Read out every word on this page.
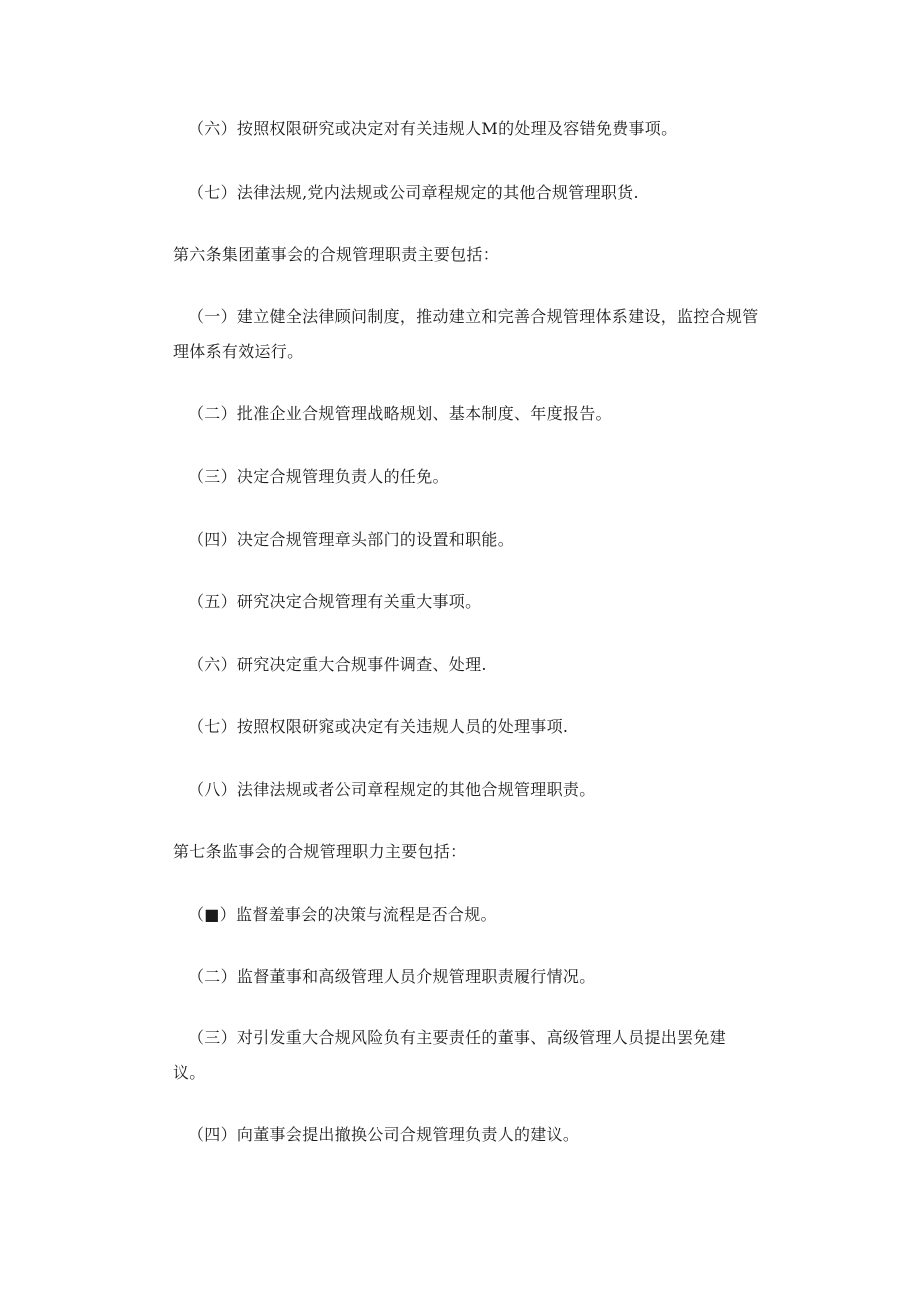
（六）按照权限研究或决定对有关违规人M的处理及容错免费事项。
（七）法律法规,党内法规或公司章程规定的其他合规管理职货.
第六条集团董事会的合规管理职责主要包括：
（一）建立健全法律顾问制度，推动建立和完善合规管理体系建设，监控合规管
理体系有效运行。
（二）批准企业合规管理战略规划、基本制度、年度报告。
（三）决定合规管理负责人的任免。
（四）决定合规管理章头部门的设置和职能。
（五）研究决定合规管理有关重大事项。
（六）研究决定重大合规事件调查、处理.
（七）按照权限研窕或决定有关违规人员的处理事项.
（八）法律法规或者公司章程规定的其他合规管理职责。
第七条监事会的合规管理职力主要包括：
（■）监督羞事会的决策与流程是否合规。
（二）监督董事和高级管理人员介规管理职责履行情况。
（三）对引发重大合规风险负有主要责任的董事、高级管理人员提出罢免建
议。
（四）向董事会提出撤换公司合规管理负责人的建议。
